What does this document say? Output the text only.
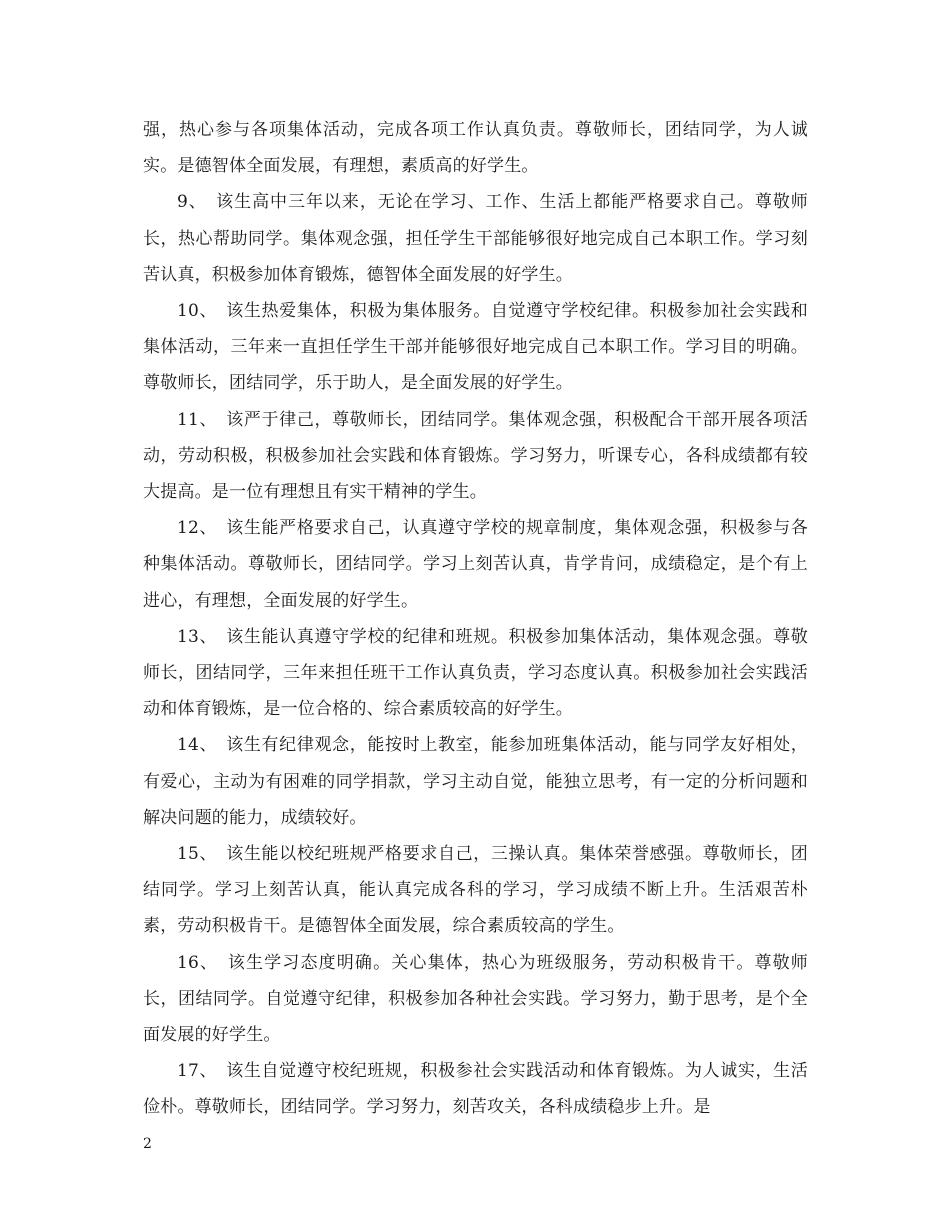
强，热心参与各项集体活动，完成各项工作认真负责。尊敬师长，团结同学，为人诚实。是德智体全面发展，有理想，素质高的好学生。

9、　该生高中三年以来，无论在学习、工作、生活上都能严格要求自己。尊敬师长，热心帮助同学。集体观念强，担任学生干部能够很好地完成自己本职工作。学习刻苦认真，积极参加体育锻炼，德智体全面发展的好学生。

10、　该生热爱集体，积极为集体服务。自觉遵守学校纪律。积极参加社会实践和集体活动，三年来一直担任学生干部并能够很好地完成自己本职工作。学习目的明确。尊敬师长，团结同学，乐于助人，是全面发展的好学生。

11、　该严于律己，尊敬师长，团结同学。集体观念强，积极配合干部开展各项活动，劳动积极，积极参加社会实践和体育锻炼。学习努力，听课专心，各科成绩都有较大提高。是一位有理想且有实干精神的学生。

12、　该生能严格要求自己，认真遵守学校的规章制度，集体观念强，积极参与各种集体活动。尊敬师长，团结同学。学习上刻苦认真，肯学肯问，成绩稳定，是个有上进心，有理想，全面发展的好学生。

13、　该生能认真遵守学校的纪律和班规。积极参加集体活动，集体观念强。尊敬师长，团结同学，三年来担任班干工作认真负责，学习态度认真。积极参加社会实践活动和体育锻炼，是一位合格的、综合素质较高的好学生。

14、　该生有纪律观念，能按时上教室，能参加班集体活动，能与同学友好相处，有爱心，主动为有困难的同学捐款，学习主动自觉，能独立思考，有一定的分析问题和解决问题的能力，成绩较好。

15、　该生能以校纪班规严格要求自己，三操认真。集体荣誉感强。尊敬师长，团结同学。学习上刻苦认真，能认真完成各科的学习，学习成绩不断上升。生活艰苦朴素，劳动积极肯干。是德智体全面发展，综合素质较高的学生。

16、　该生学习态度明确。关心集体，热心为班级服务，劳动积极肯干。尊敬师长，团结同学。自觉遵守纪律，积极参加各种社会实践。学习努力，勤于思考，是个全面发展的好学生。

17、　该生自觉遵守校纪班规，积极参社会实践活动和体育锻炼。为人诚实，生活俭朴。尊敬师长，团结同学。学习努力，刻苦攻关，各科成绩稳步上升。是

2
